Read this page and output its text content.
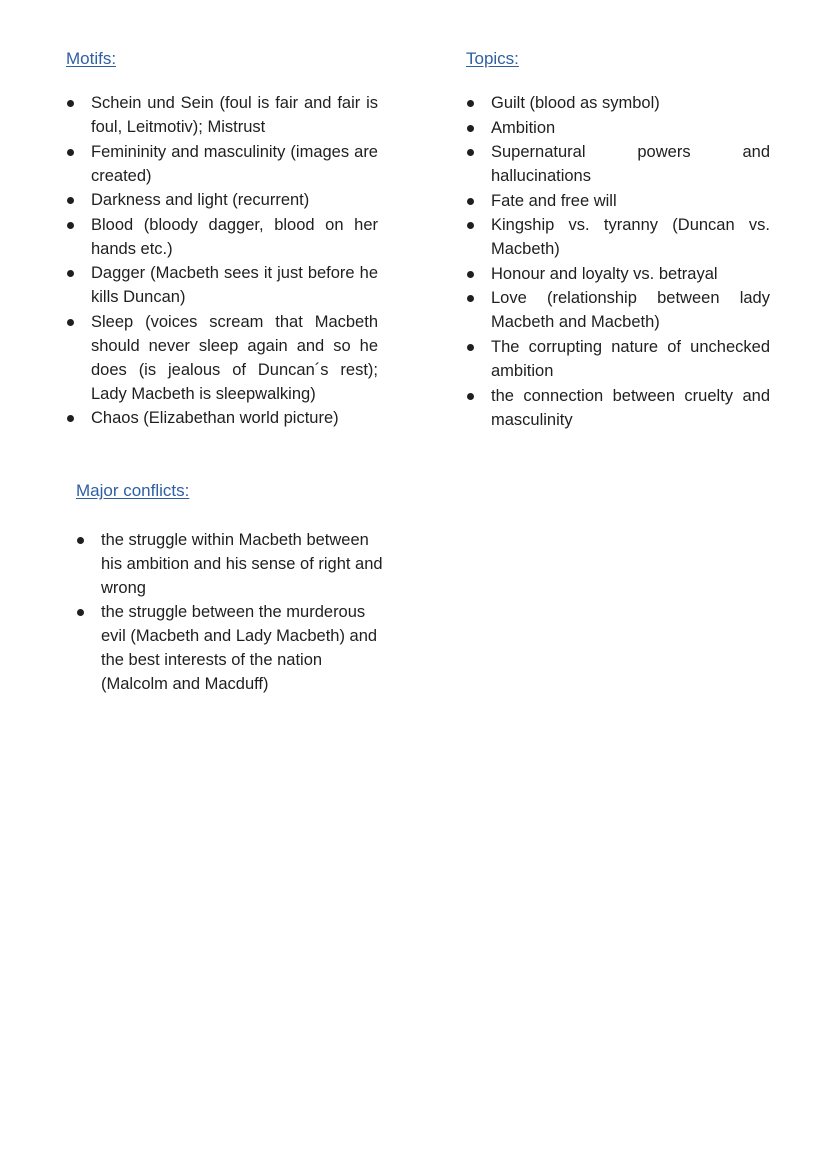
Motifs:
Schein und Sein (foul is fair and fair is foul, Leitmotiv); Mistrust
Femininity and masculinity (images are created)
Darkness and light (recurrent)
Blood (bloody dagger, blood on her hands etc.)
Dagger (Macbeth sees it just before he kills Duncan)
Sleep (voices scream that Macbeth should never sleep again and so he does (is jealous of Duncan´s rest); Lady Macbeth is sleepwalking)
Chaos (Elizabethan world picture)
Topics:
Guilt (blood as symbol)
Ambition
Supernatural powers and hallucinations
Fate and free will
Kingship vs. tyranny (Duncan vs. Macbeth)
Honour and loyalty vs. betrayal
Love (relationship between lady Macbeth and Macbeth)
The corrupting nature of unchecked ambition
the connection between cruelty and masculinity
Major conflicts:
the struggle within Macbeth between his ambition and his sense of right and wrong
the struggle between the murderous evil (Macbeth and Lady Macbeth) and the best interests of the nation (Malcolm and Macduff)
